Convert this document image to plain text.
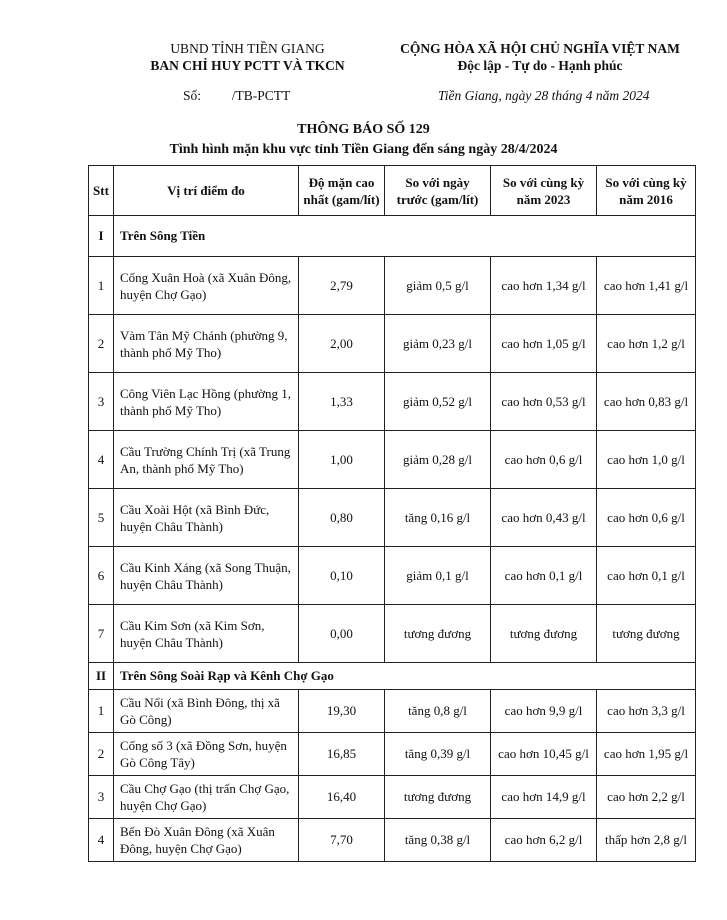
UBND TỈNH TIỀN GIANG
BAN CHỈ HUY PCTT VÀ TKCN
CỘNG HÒA XÃ HỘI CHỦ NGHĨA VIỆT NAM
Độc lập - Tự do - Hạnh phúc
Số: /TB-PCTT	Tiền Giang, ngày 28 tháng 4 năm 2024
THÔNG BÁO SỐ 129
Tình hình mặn khu vực tỉnh Tiền Giang đến sáng ngày 28/4/2024
Stt	Vị trí điểm đo	Độ mặn cao nhất (gam/lít)	So với ngày trước (gam/lít)	So với cùng kỳ năm 2023	So với cùng kỳ năm 2016
I	Trên Sông Tiền				
1	Cống Xuân Hoà (xã Xuân Đông, huyện Chợ Gạo)	2,79	giảm 0,5 g/l	cao hơn 1,34 g/l	cao hơn 1,41 g/l
2	Vàm Tân Mỹ Chánh (phường 9, thành phố Mỹ Tho)	2,00	giảm 0,23 g/l	cao hơn 1,05 g/l	cao hơn 1,2 g/l
3	Công Viên Lạc Hồng (phường 1, thành phố Mỹ Tho)	1,33	giảm 0,52 g/l	cao hơn 0,53 g/l	cao hơn 0,83 g/l
4	Cầu Trường Chính Trị (xã Trung An, thành phố Mỹ Tho)	1,00	giảm 0,28 g/l	cao hơn 0,6 g/l	cao hơn 1,0 g/l
5	Cầu Xoài Hột (xã Bình Đức, huyện Châu Thành)	0,80	tăng 0,16 g/l	cao hơn 0,43 g/l	cao hơn 0,6 g/l
6	Cầu Kinh Xáng (xã Song Thuận, huyện Châu Thành)	0,10	giảm 0,1 g/l	cao hơn 0,1 g/l	cao hơn 0,1 g/l
7	Cầu Kim Sơn (xã Kim Sơn, huyện Châu Thành)	0,00	tương đương	tương đương	tương đương
II	Trên Sông Soài Rạp và Kênh Chợ Gạo				
1	Cầu Nổi (xã Bình Đông, thị xã Gò Công)	19,30	tăng 0,8 g/l	cao hơn 9,9 g/l	cao hơn 3,3 g/l
2	Cống số 3 (xã Đồng Sơn, huyện Gò Công Tây)	16,85	tăng 0,39 g/l	cao hơn 10,45 g/l	cao hơn 1,95 g/l
3	Cầu Chợ Gạo (thị trấn Chợ Gạo, huyện Chợ Gạo)	16,40	tương đương	cao hơn 14,9 g/l	cao hơn 2,2 g/l
4	Bến Đò Xuân Đông (xã Xuân Đông, huyện Chợ Gạo)	7,70	tăng 0,38 g/l	cao hơn 6,2 g/l	thấp hơn 2,8 g/l
